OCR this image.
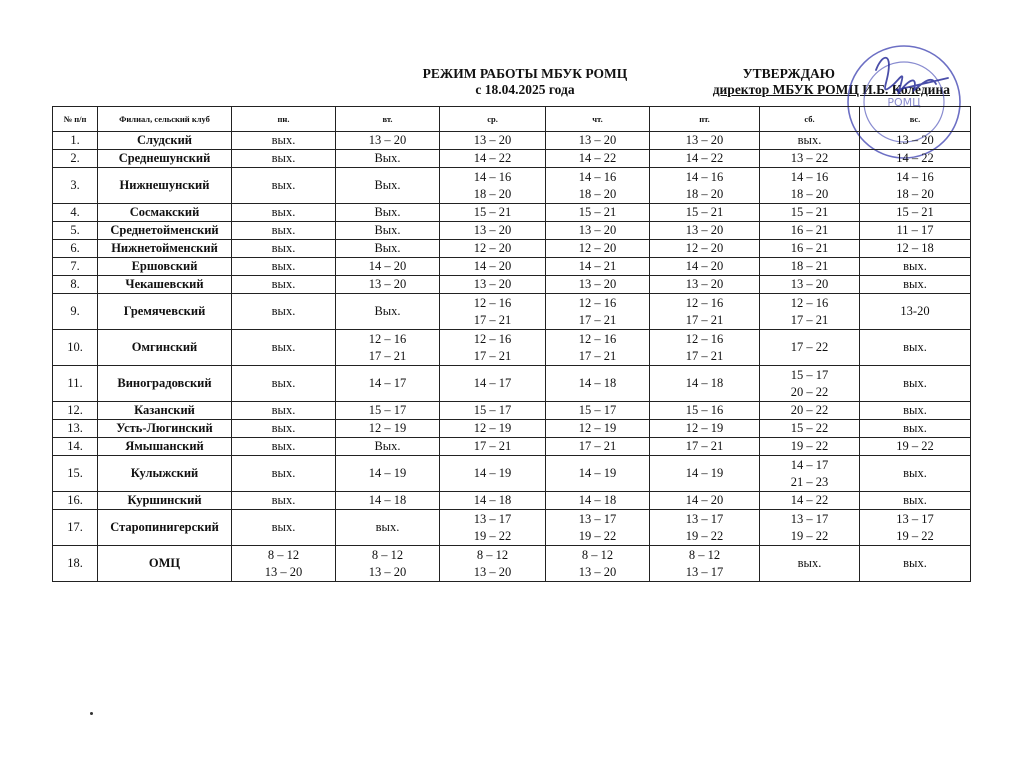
РЕЖИМ РАБОТЫ МБУК РОМЦ
с 18.04.2025 года
УТВЕРЖДАЮ
директор МБУК РОМЦ И.Б. Коледина
РОМЦ
№ п/п	Филиал, сельский клуб	пн.	вт.	ср.	чт.	пт.	сб.	вс.
1.	Слудский	вых.	13 – 20	13 – 20	13 – 20	13 – 20	вых.	13 – 20

2.	Среднешунский	вых.	Вых.	14 – 22	14 – 22	14 – 22	13 – 22	14 – 22

3.	Нижнешунский	вых.	Вых.	14 – 16
18 – 20	14 – 16
18 – 20	14 – 16
18 – 20	14 – 16
18 – 20	14 – 16
18 – 20

4.	Сосмакский	вых.	Вых.	15 – 21	15 – 21	15 – 21	15 – 21	15 – 21

5.	Среднетойменский	вых.	Вых.	13 – 20	13 – 20	13 – 20	16 – 21	11 – 17

6.	Нижнетойменский	вых.	Вых.	12 – 20	12 – 20	12 – 20	16 – 21	12 – 18

7.	Ершовский	вых.	14 – 20	14 – 20	14 – 21	14 – 20	18 – 21	вых.

8.	Чекашевский	вых.	13 – 20	13 – 20	13 – 20	13 – 20	13 – 20	вых.

9.	Гремячевский	вых.	Вых.	12 – 16
17 – 21	12 – 16
17 – 21	12 – 16
17 – 21	12 – 16
17 – 21	13-20

10.	Омгинский	вых.	12 – 16
17 – 21	12 – 16
17 – 21	12 – 16
17 – 21	12 – 16
17 – 21	17 – 22	вых.

11.	Виноградовский	вых.	14 – 17	14 – 17	14 – 18	14 – 18	15 – 17
20 – 22	вых.

12.	Казанский	вых.	15 – 17	15 – 17	15 – 17	15 – 16	20 – 22	вых.

13.	Усть-Люгинский	вых.	12 – 19	12 – 19	12 – 19	12 – 19	15 – 22	вых.

14.	Ямышанский	вых.	Вых.	17 – 21	17 – 21	17 – 21	19 – 22	19 – 22

15.	Кулыжский	вых.	14 – 19	14 – 19	14 – 19	14 – 19	14 – 17
21 – 23	вых.

16.	Куршинский	вых.	14 – 18	14 – 18	14 – 18	14 – 20	14 – 22	вых.

17.	Старопинигерский	вых.	вых.	13 – 17
19 – 22	13 – 17
19 – 22	13 – 17
19 – 22	13 – 17
19 – 22	13 – 17
19 – 22

18.	ОМЦ	8 – 12
13 – 20	8 – 12
13 – 20	8 – 12
13 – 20	8 – 12
13 – 20	8 – 12
13 – 17	вых.	вых.
